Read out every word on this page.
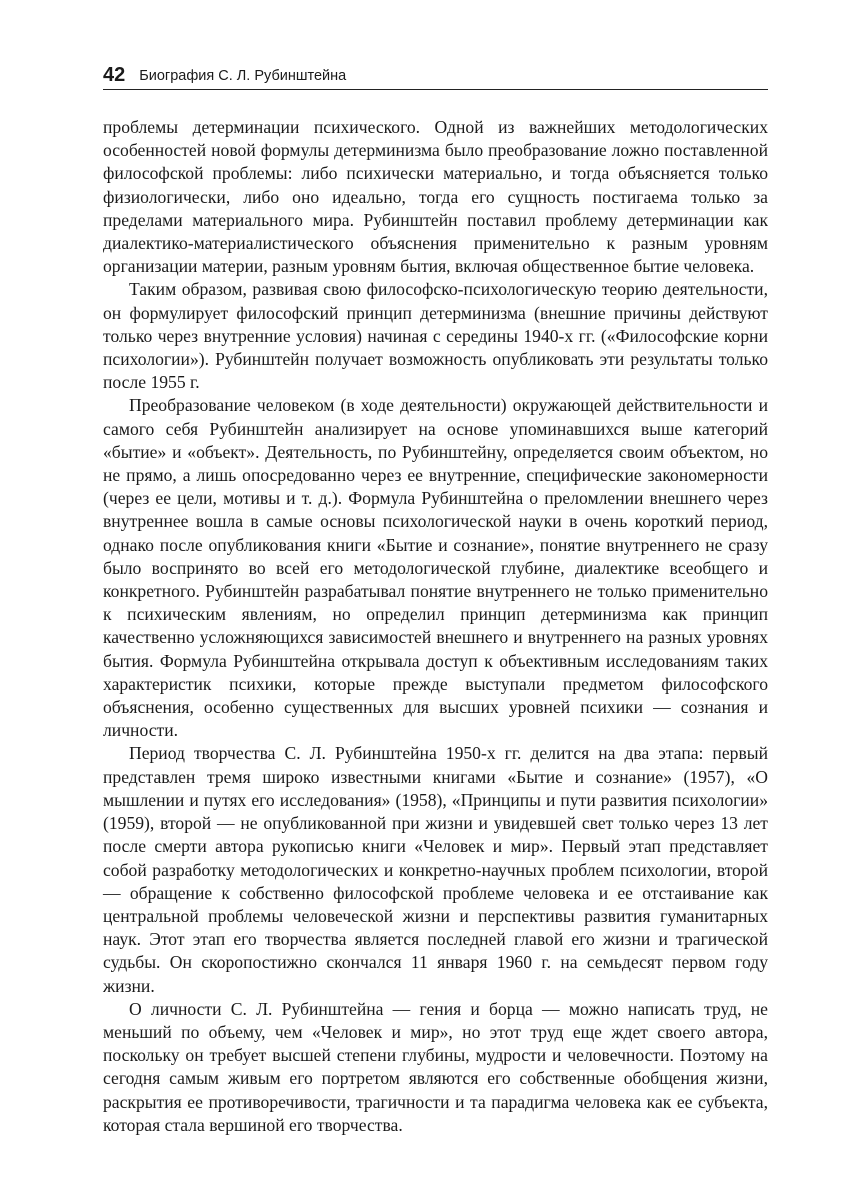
42 Биография С. Л. Рубинштейна

проблемы детерминации психического. Одной из важнейших методологических особенностей новой формулы детерминизма было преобразование ложно поставленной философской проблемы: либо психически материально, и тогда объясняется только физиологически, либо оно идеально, тогда его сущность постигаема только за пределами материального мира. Рубинштейн поставил проблему детерминации как диалектико-материалистического объяснения применительно к разным уровням организации материи, разным уровням бытия, включая общественное бытие человека.

Таким образом, развивая свою философско-психологическую теорию деятельности, он формулирует философский принцип детерминизма (внешние причины действуют только через внутренние условия) начиная с середины 1940-х гг. («Философские корни психологии»). Рубинштейн получает возможность опубликовать эти результаты только после 1955 г.

Преобразование человеком (в ходе деятельности) окружающей действительности и самого себя Рубинштейн анализирует на основе упоминавшихся выше категорий «бытие» и «объект». Деятельность, по Рубинштейну, определяется своим объектом, но не прямо, а лишь опосредованно через ее внутренние, специфические закономерности (через ее цели, мотивы и т. д.). Формула Рубинштейна о преломлении внешнего через внутреннее вошла в самые основы психологической науки в очень короткий период, однако после опубликования книги «Бытие и сознание», понятие внутреннего не сразу было воспринято во всей его методологической глубине, диалектике всеобщего и конкретного. Рубинштейн разрабатывал понятие внутреннего не только применительно к психическим явлениям, но определил принцип детерминизма как принцип качественно усложняющихся зависимостей внешнего и внутреннего на разных уровнях бытия. Формула Рубинштейна открывала доступ к объективным исследованиям таких характеристик психики, которые прежде выступали предметом философского объяснения, особенно существенных для высших уровней психики — сознания и личности.

Период творчества С. Л. Рубинштейна 1950-х гг. делится на два этапа: первый представлен тремя широко известными книгами «Бытие и сознание» (1957), «О мышлении и путях его исследования» (1958), «Принципы и пути развития психологии» (1959), второй — не опубликованной при жизни и увидевшей свет только через 13 лет после смерти автора рукописью книги «Человек и мир». Первый этап представляет собой разработку методологических и конкретно-научных проблем психологии, второй — обращение к собственно философской проблеме человека и ее отстаивание как центральной проблемы человеческой жизни и перспективы развития гуманитарных наук. Этот этап его творчества является последней главой его жизни и трагической судьбы. Он скоропостижно скончался 11 января 1960 г. на семьдесят первом году жизни.

О личности С. Л. Рубинштейна — гения и борца — можно написать труд, не меньший по объему, чем «Человек и мир», но этот труд еще ждет своего автора, поскольку он требует высшей степени глубины, мудрости и человечности. Поэтому на сегодня самым живым его портретом являются его собственные обобщения жизни, раскрытия ее противоречивости, трагичности и та парадигма человека как ее субъекта, которая стала вершиной его творчества.
